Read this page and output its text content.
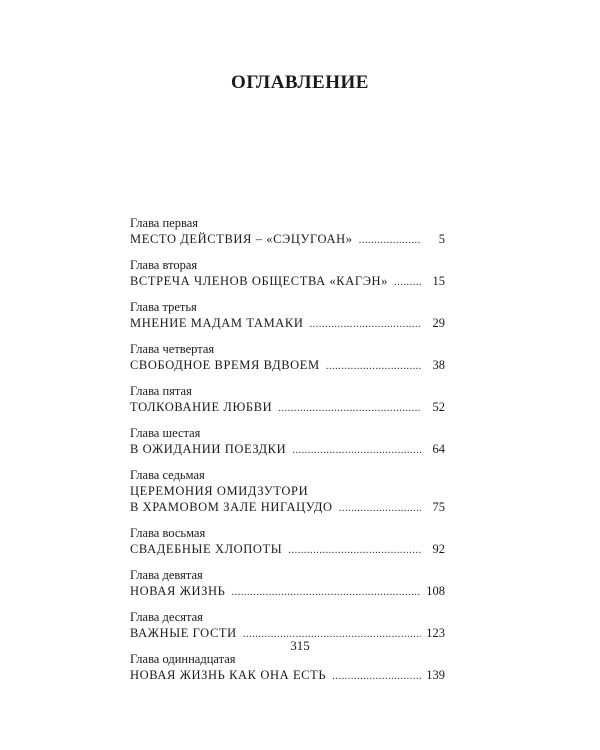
ОГЛАВЛЕНИЕ
Глава первая
МЕСТО ДЕЙСТВИЯ – «СЭЦУГОАН» . . .	5
Глава вторая
ВСТРЕЧА ЧЛЕНОВ ОБЩЕСТВА «КАГЭН» . . .	15
Глава третья
МНЕНИЕ МАДАМ ТАМАКИ . . .	29
Глава четвертая
СВОБОДНОЕ ВРЕМЯ ВДВОЕМ . . .	38
Глава пятая
ТОЛКОВАНИЕ ЛЮБВИ . . .	52
Глава шестая
В ОЖИДАНИИ ПОЕЗДКИ . . .	64
Глава седьмая
ЦЕРЕМОНИЯ ОМИДЗУТОРИ
В ХРАМОВОМ ЗАЛЕ НИГАЦУДО . . .	75
Глава восьмая
СВАДЕБНЫЕ ХЛОПОТЫ . . .	92
Глава девятая
НОВАЯ ЖИЗНЬ . . .	108
Глава десятая
ВАЖНЫЕ ГОСТИ . . .	123
Глава одиннадцатая
НОВАЯ ЖИЗНЬ КАК ОНА ЕСТЬ . . .	139

315
